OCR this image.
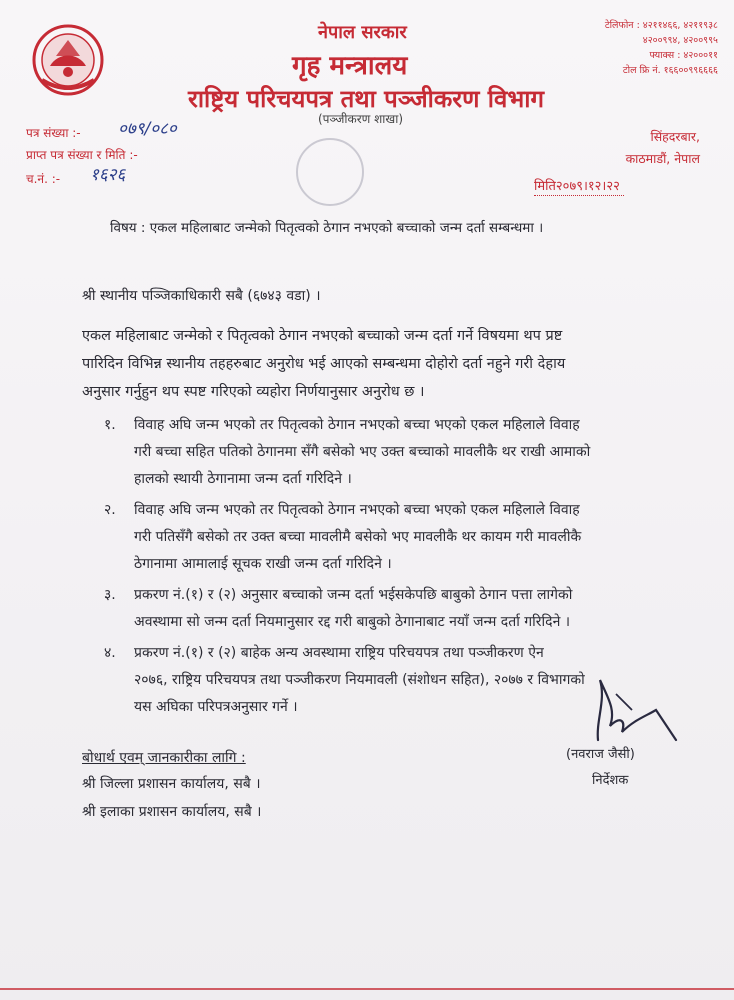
नेपाल सरकार
गृह मन्त्रालय
राष्ट्रिय परिचयपत्र तथा पञ्जीकरण विभाग
(पञ्जीकरण शाखा)
टेलिफोन : ४२११४६६, ४२११९३८
४२००९९४, ४२००९९५
फ्याक्स : ४२०००११
टोल फ्रि नं. १६६००९९६६६६
पत्र संख्या :- ०७९/०८०
प्राप्त पत्र संख्या र मिति :-
च.नं. :- १६२६
सिंहदरबार,
काठमाडौं, नेपाल
मिति२०७९।१२।२२
विषय : एकल महिलाबाट जन्मेको पितृत्वको ठेगान नभएको बच्चाको जन्म दर्ता सम्बन्धमा ।
श्री स्थानीय पञ्जिकाधिकारी सबै (६७४३ वडा) ।
एकल महिलाबाट जन्मेको र पितृत्वको ठेगान नभएको बच्चाको जन्म दर्ता गर्ने विषयमा थप प्रष्ट
पारिदिन विभिन्न स्थानीय तहहरुबाट अनुरोध भई आएको सम्बन्धमा दोहोरो दर्ता नहुने गरी देहाय
अनुसार गर्नुहुन थप स्पष्ट गरिएको व्यहोरा निर्णयानुसार अनुरोध छ ।
१. विवाह अघि जन्म भएको तर पितृत्वको ठेगान नभएको बच्चा भएको एकल महिलाले विवाह
गरी बच्चा सहित पतिको ठेगानमा सँगै बसेको भए उक्त बच्चाको मावलीकै थर राखी आमाको
हालको स्थायी ठेगानामा जन्म दर्ता गरिदिने ।
२. विवाह अघि जन्म भएको तर पितृत्वको ठेगान नभएको बच्चा भएको एकल महिलाले विवाह
गरी पतिसँगै बसेको तर उक्त बच्चा मावलीमै बसेको भए मावलीकै थर कायम गरी मावलीकै
ठेगानामा आमालाई सूचक राखी जन्म दर्ता गरिदिने ।
३. प्रकरण नं.(१) र (२) अनुसार बच्चाको जन्म दर्ता भईसकेपछि बाबुको ठेगान पत्ता लागेको
अवस्थामा सो जन्म दर्ता नियमानुसार रद्द गरी बाबुको ठेगानाबाट नयाँ जन्म दर्ता गरिदिने ।
४. प्रकरण नं.(१) र (२) बाहेक अन्य अवस्थामा राष्ट्रिय परिचयपत्र तथा पञ्जीकरण ऐन
२०७६, राष्ट्रिय परिचयपत्र तथा पञ्जीकरण नियमावली (संशोधन सहित), २०७७ र विभागको
यस अघिका परिपत्रअनुसार गर्ने ।
(नवराज जैसी)
निर्देशक
बोधार्थ एवम् जानकारीका लागि :
श्री जिल्ला प्रशासन कार्यालय, सबै ।
श्री इलाका प्रशासन कार्यालय, सबै ।
